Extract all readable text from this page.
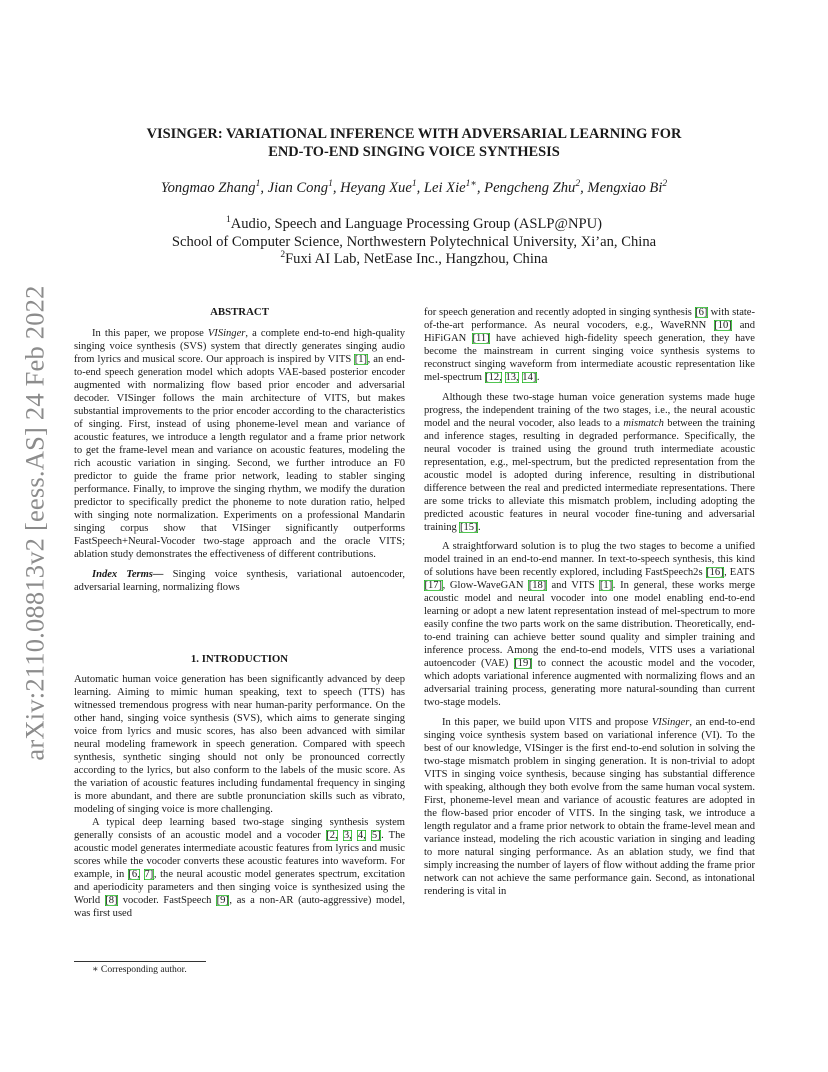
arXiv:2110.08813v2 [eess.AS] 24 Feb 2022
VISINGER: VARIATIONAL INFERENCE WITH ADVERSARIAL LEARNING FOR
END-TO-END SINGING VOICE SYNTHESIS
Yongmao Zhang$^1$, Jian Cong$^1$, Heyang Xue$^1$, Lei Xie$^{1∗}$, Pengcheng Zhu$^2$, Mengxiao Bi$^2$
$^1$Audio, Speech and Language Processing Group (ASLP@NPU)
School of Computer Science, Northwestern Polytechnical University, Xi’an, China
$^2$Fuxi AI Lab, NetEase Inc., Hangzhou, China
ABSTRACT

In this paper, we propose VISinger, a complete end-to-end high-quality singing voice synthesis (SVS) system that directly generates singing audio from lyrics and musical score. Our approach is inspired by VITS [1], an end-to-end speech generation model which adopts VAE-based posterior encoder augmented with normalizing flow based prior encoder and adversarial decoder. VISinger follows the main architecture of VITS, but makes substantial improvements to the prior encoder according to the characteristics of singing. First, instead of using phoneme-level mean and variance of acoustic features, we introduce a length regulator and a frame prior network to get the frame-level mean and variance on acoustic features, modeling the rich acoustic variation in singing. Second, we further introduce an F0 predictor to guide the frame prior network, leading to stabler singing performance. Finally, to improve the singing rhythm, we modify the duration predictor to specifically predict the phoneme to note duration ratio, helped with singing note normalization. Experiments on a professional Mandarin singing corpus show that VISinger significantly outperforms FastSpeech+Neural-Vocoder two-stage approach and the oracle VITS; ablation study demonstrates the effectiveness of different contributions.

Index Terms— Singing voice synthesis, variational autoencoder, adversarial learning, normalizing flows

1. INTRODUCTION

Automatic human voice generation has been significantly advanced by deep learning. Aiming to mimic human speaking, text to speech (TTS) has witnessed tremendous progress with near human-parity performance. On the other hand, singing voice synthesis (SVS), which aims to generate singing voice from lyrics and music scores, has also been advanced with similar neural modeling framework in speech generation. Compared with speech synthesis, synthetic singing should not only be pronounced correctly according to the lyrics, but also conform to the labels of the music score. As the variation of acoustic features including fundamental frequency in singing is more abundant, and there are subtle pronunciation skills such as vibrato, modeling of singing voice is more challenging.

A typical deep learning based two-stage singing synthesis system generally consists of an acoustic model and a vocoder [2, 3, 4, 5]. The acoustic model generates intermediate acoustic features from lyrics and music scores while the vocoder converts these acoustic features into waveform. For example, in [6, 7], the neural acoustic model generates spectrum, excitation and aperiodicity parameters and then singing voice is synthesized using the World [8] vocoder. FastSpeech [9], as a non-AR (auto-aggressive) model, was first used

∗ Corresponding author.

for speech generation and recently adopted in singing synthesis [6] with state-of-the-art performance. As neural vocoders, e.g., WaveRNN [10] and HiFiGAN [11] have achieved high-fidelity speech generation, they have become the mainstream in current singing voice synthesis systems to reconstruct singing waveform from intermediate acoustic representation like mel-spectrum [12, 13, 14].

Although these two-stage human voice generation systems made huge progress, the independent training of the two stages, i.e., the neural acoustic model and the neural vocoder, also leads to a mismatch between the training and inference stages, resulting in degraded performance. Specifically, the neural vocoder is trained using the ground truth intermediate acoustic representation, e.g., mel-spectrum, but the predicted representation from the acoustic model is adopted during inference, resulting in distributional difference between the real and predicted intermediate representations. There are some tricks to alleviate this mismatch problem, including adopting the predicted acoustic features in neural vocoder fine-tuning and adversarial training [15].

A straightforward solution is to plug the two stages to become a unified model trained in an end-to-end manner. In text-to-speech synthesis, this kind of solutions have been recently explored, including FastSpeech2s [16], EATS [17], Glow-WaveGAN [18] and VITS [1]. In general, these works merge acoustic model and neural vocoder into one model enabling end-to-end learning or adopt a new latent representation instead of mel-spectrum to more easily confine the two parts work on the same distribution. Theoretically, end-to-end training can achieve better sound quality and simpler training and inference process. Among the end-to-end models, VITS uses a variational autoencoder (VAE) [19] to connect the acoustic model and the vocoder, which adopts variational inference augmented with normalizing flows and an adversarial training process, generating more natural-sounding than current two-stage models.

In this paper, we build upon VITS and propose VISinger, an end-to-end singing voice synthesis system based on variational inference (VI). To the best of our knowledge, VISinger is the first end-to-end solution in solving the two-stage mismatch problem in singing generation. It is non-trivial to adopt VITS in singing voice synthesis, because singing has substantial difference with speaking, although they both evolve from the same human vocal system. First, phoneme-level mean and variance of acoustic features are adopted in the flow-based prior encoder of VITS. In the singing task, we introduce a length regulator and a frame prior network to obtain the frame-level mean and variance instead, modeling the rich acoustic variation in singing and leading to more natural singing performance. As an ablation study, we find that simply increasing the number of layers of flow without adding the frame prior network can not achieve the same performance gain. Second, as intonational rendering is vital in
